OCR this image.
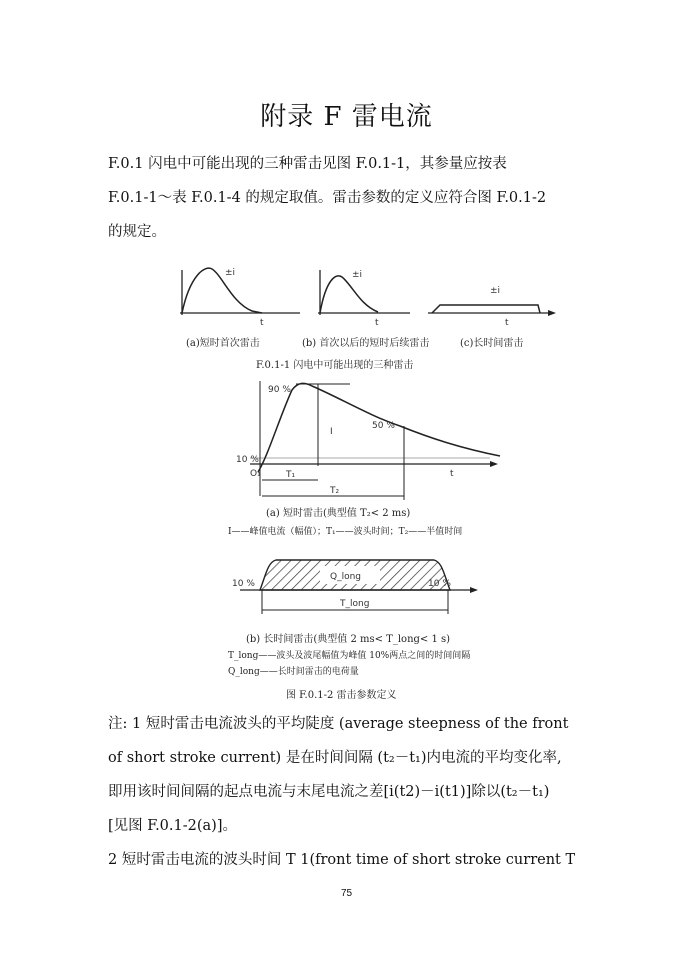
附录 F 雷电流
F.0.1 闪电中可能出现的三种雷击见图 F.0.1-1，其参量应按表
F.0.1-1～表 F.0.1-4 的规定取值。雷击参数的定义应符合图 F.0.1-2
的规定。
±i
t
±i
t
±i
t
(a)短时首次雷击	(b) 首次以后的短时后续雷击	(c)长时间雷击
F.0.1-1 闪电中可能出现的三种雷击
90 %
50 %
10 %
O₁	T₁
T₂
I
t
(a) 短时雷击(典型值 T₂< 2 ms)
I——峰值电流（幅值）；T₁——波头时间；T₂——半值时间
Q_long
10 %	10 %
T_long
(b) 长时间雷击(典型值 2 ms< T_long< 1 s)
T_long——波头及波尾幅值为峰值 10%两点之间的时间间隔
Q_long——长时间雷击的电荷量
图 F.0.1-2 雷击参数定义
注: 1 短时雷击电流波头的平均陡度 (average steepness of the front
of short stroke current) 是在时间间隔 (t₂－t₁)内电流的平均变化率,
即用该时间间隔的起点电流与末尾电流之差[i(t2)－i(t1)]除以(t₂－t₁)
[见图 F.0.1-2(a)]。
2 短时雷击电流的波头时间 T 1(front time of short stroke current T
75
